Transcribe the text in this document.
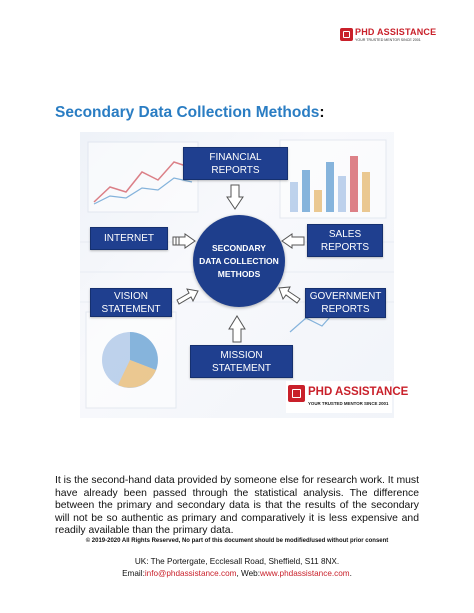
PHD ASSISTANCE
YOUR TRUSTED MENTOR SINCE 2001
Secondary Data Collection Methods:
FINANCIAL REPORTS
INTERNET	SALES REPORTS
VISION STATEMENT
GOVERNMENT REPORTS
MISSION STATEMENT
SECONDARY
DATA COLLECTION
METHODS
PHD ASSISTANCE
YOUR TRUSTED MENTOR SINCE 2001
It is the second-hand data provided by someone else for research work. It must have already been passed through the statistical analysis. The difference between the primary and secondary data is that the results of the secondary will not be so authentic as primary and comparatively it is less expensive and readily available than the primary data.
© 2019-2020 All Rights Reserved, No part of this document should be modified/used without prior consent
UK: The Portergate, Ecclesall Road, Sheffield, S11 8NX.
Email:info@phdassistance.com, Web:www.phdassistance.com.
